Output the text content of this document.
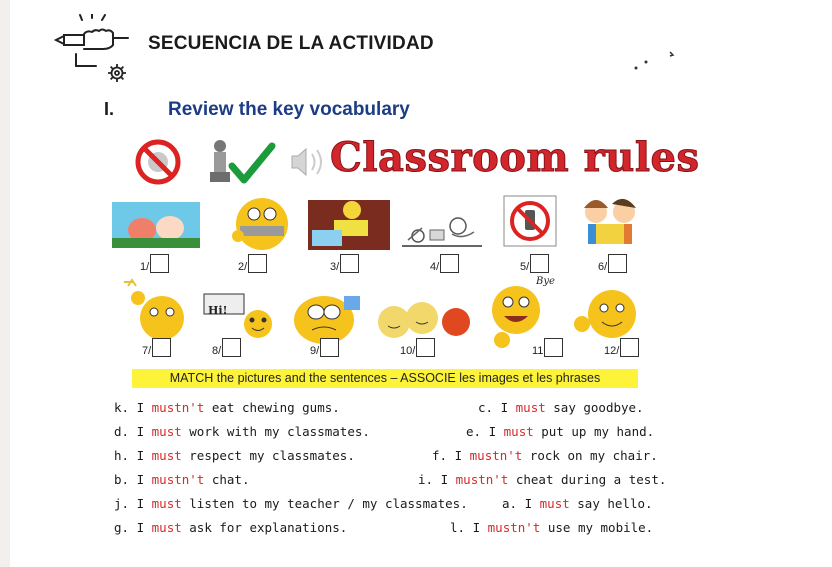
SECUENCIA DE LA ACTIVIDAD
I.	Review the key vocabulary
Classroom rules
1/	2/	3/	4/	5/	6/
Bye
Hi!
7/	8/	9/	10/	11	12/
MATCH the pictures and the sentences – ASSOCIE les images et les phrases
k. I mustn't eat chewing gums.
d. I must work with my classmates.
h. I must respect my classmates.
b. I mustn't chat.
j. I must listen to my teacher / my classmates.
g. I must ask for explanations.
c. I must say goodbye.
e. I must put up my hand.
f. I mustn't rock on my chair.
i. I mustn't cheat during a test.
a. I must say hello.
l. I mustn't use my mobile.
